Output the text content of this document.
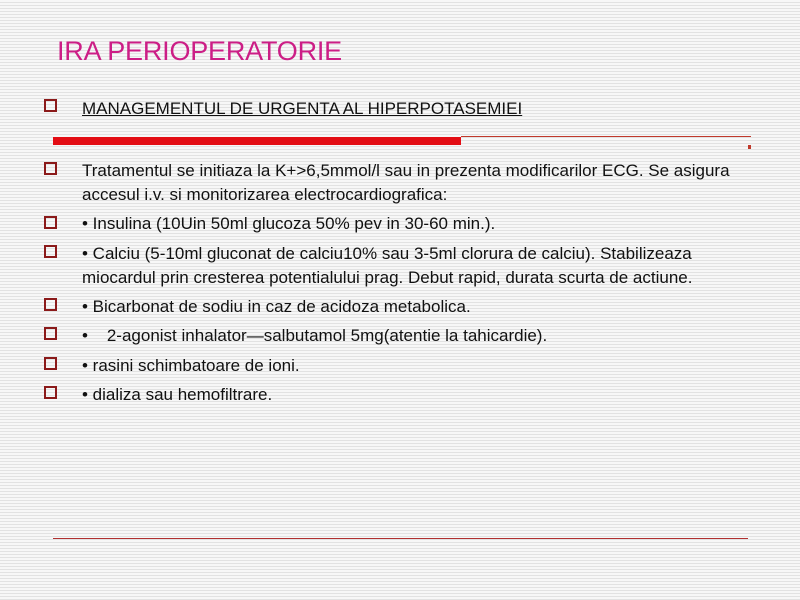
IRA PERIOPERATORIE

MANAGEMENTUL DE URGENTA AL HIPERPOTASEMIEI

Tratamentul se initiaza la K+>6,5mmol/l sau in prezenta modificarilor ECG. Se asigura accesul i.v. si monitorizarea electrocardiografica:

• Insulina (10Uin 50ml glucoza 50% pev in 30-60 min.).

• Calciu (5-10ml gluconat de calciu10% sau 3-5ml clorura de calciu). Stabilizeaza miocardul prin cresterea potentialului prag. Debut rapid, durata scurta de actiune.

• Bicarbonat de sodiu in caz de acidoza metabolica.

•    2-agonist inhalator—salbutamol 5mg(atentie la tahicardie).

• rasini schimbatoare de ioni.

• dializa sau hemofiltrare.
